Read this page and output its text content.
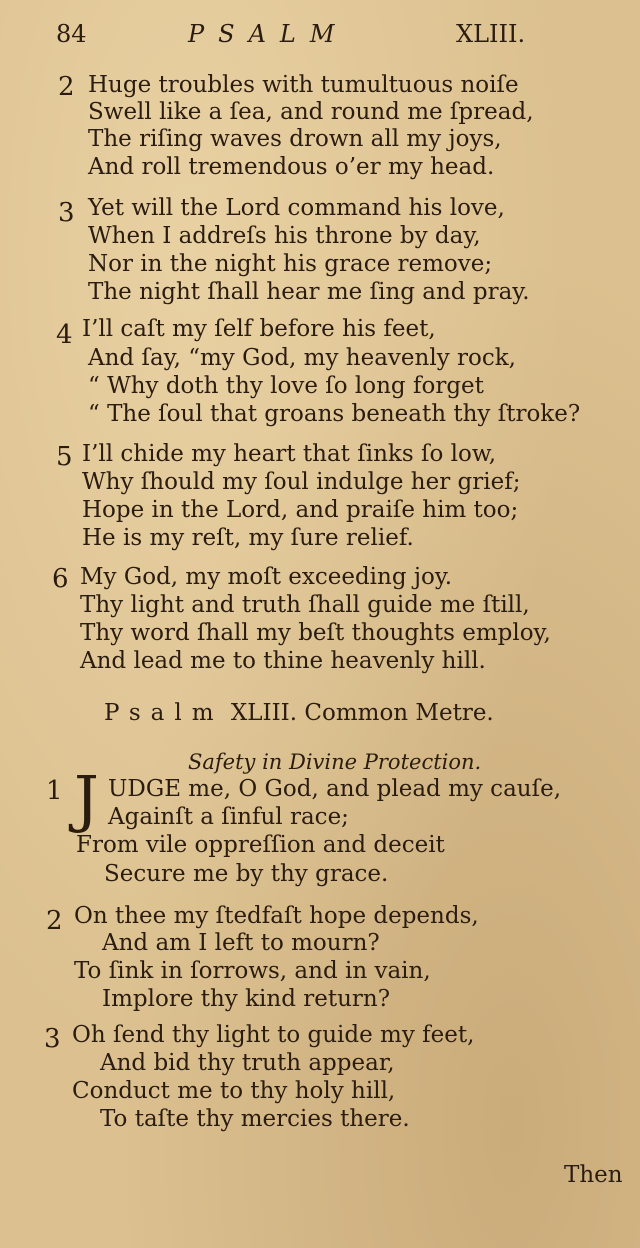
84	PSALM	XLIII.
2 Huge troubles with tumultuous noiſe
Swell like a ſea, and round me ſpread,
The riſing waves drown all my joys,
And roll tremendous o’er my head.
3 Yet will the Lord command his love,
When I addreſs his throne by day,
Nor in the night his grace remove;
The night ſhall hear me ſing and pray.
4 I’ll caſt my ſelf before his feet,
And ſay, “my God, my heavenly rock,
“ Why doth thy love ſo long forget
“ The ſoul that groans beneath thy ſtroke?
5 I’ll chide my heart that ſinks ſo low,
Why ſhould my ſoul indulge her grief;
Hope in the Lord, and praiſe him too;
He is my reſt, my ſure relief.
6 My God, my moſt exceeding joy.
Thy light and truth ſhall guide me ſtill,
Thy word ſhall my beſt thoughts employ,
And lead me to thine heavenly hill.
Psalm XLIII. Common Metre.
Safety in Divine Protection.
1 J UDGE me, O God, and plead my cauſe,
Againſt a ſinful race;
From vile oppreſſion and deceit
Secure me by thy grace.
2 On thee my ſtedfaſt hope depends,
And am I left to mourn?
To ſink in ſorrows, and in vain,
Implore thy kind return?
3 Oh ſend thy light to guide my feet,
And bid thy truth appear,
Conduct me to thy holy hill,
To taſte thy mercies there.
Then
